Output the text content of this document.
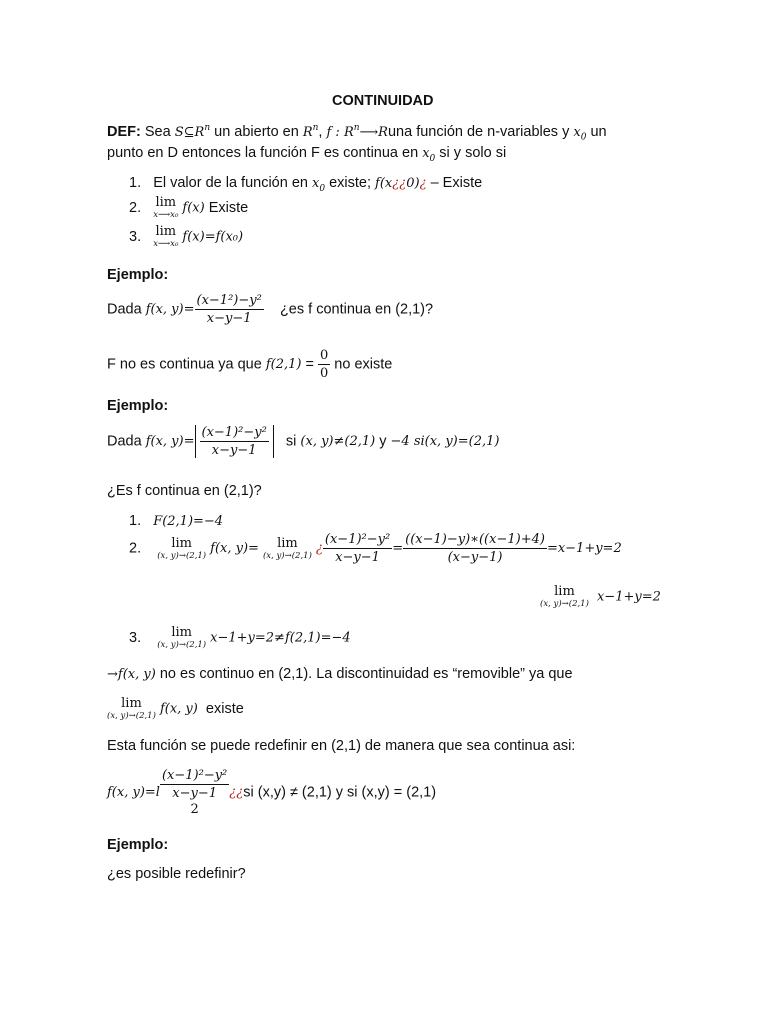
CONTINUIDAD
DEF: Sea $S⊆R^n$ un abierto en $R^n$, f : $R^n⟶Runa$ función de n-variables y $x_0$ un
punto en D entonces la función F es continua en $x_0$ si y solo si
1. El valor de la función en $x_0$ existe; f(x¿¿0)¿ – Existe
2. lim
x⟶x₀ f(x) Existe
3. lim
x⟶x₀ f(x)=f(x₀)
Ejemplo:
Dada f(x, $y)= \frac{\text{(x−1²)−y²}}{x-y-1}$ ¿es f continua en (2,1)?
F no es continua ya que $f(2,1) = \frac{0}{0}$ no existe
Ejemplo:
Dada f(x, $y)= \frac{\text{(x−1)²−y²}}{x-y-1}$ si (x, y)≠(2,1) y −4 si(x, y)=(2,1)
¿Es f continua en (2,1)?
1. F(2,1)=−4
2.	lim
(x, y)→(2,1) f(x, y)=	lim
(x, y)→(2,1) ¿ $\frac{\text{(x−1)²−y²}}{x-y-1} = \frac{((x-1)-y)∗((x-1)+4)}{(x-y-1)} =x-1+y=2$
lim
(x, y)→(2,1) x−1+y=2
3.	lim
(x, y)→(2,1) x−1+y=2≠f(2,1)=−4
→f(x, y) no es continuo en (2,1). La discontinuidad es “removible” ya que
lim
(x, y)→(2,1) f(x, y) existe
Esta función se puede redefinir en (2,1) de manera que sea continua asi:
f(x, y)=l
(x−1)²−y²
x−y−1
2
¿¿si (x,y) ≠ (2,1) y si (x,y) = (2,1)
Ejemplo:
¿es posible redefinir?
